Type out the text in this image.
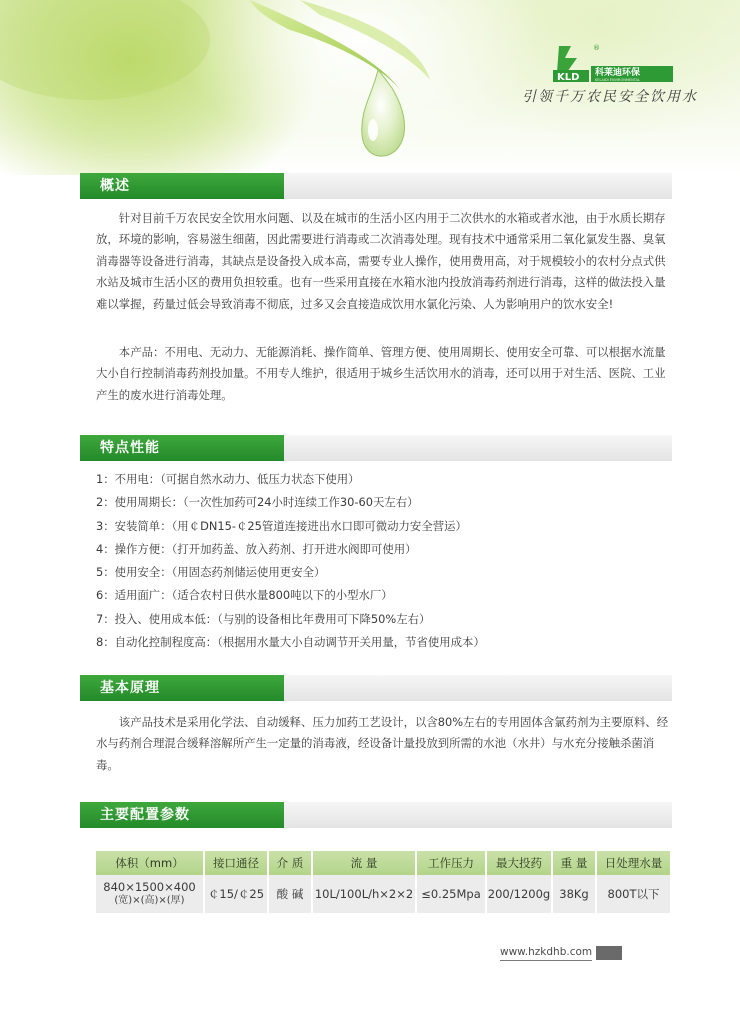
KLD
®
科莱迪环保
KELAIDI ENVIRONMENTAL
引领千万农民安全饮用水
概述

针对目前千万农民安全饮用水问题、以及在城市的生活小区内用于二次供水的水箱或者水池，由于水质长期存放，环境的影响，容易滋生细菌，因此需要进行消毒或二次消毒处理。现有技术中通常采用二氧化氯发生器、臭氧消毒器等设备进行消毒，其缺点是设备投入成本高，需要专业人操作，使用费用高，对于规模较小的农村分点式供水站及城市生活小区的费用负担较重。也有一些采用直接在水箱水池内投放消毒药剂进行消毒，这样的做法投入量难以掌握，药量过低会导致消毒不彻底，过多又会直接造成饮用水氯化污染、人为影响用户的饮水安全!

本产品：不用电、无动力、无能源消耗、操作简单、管理方便、使用周期长、使用安全可靠、可以根据水流量大小自行控制消毒药剂投加量。不用专人维护，很适用于城乡生活饮用水的消毒，还可以用于对生活、医院、工业产生的废水进行消毒处理。

特点性能
1：不用电：（可据自然水动力、低压力状态下使用）
2：使用周期长：（一次性加药可24小时连续工作30-60天左右）
3：安装简单：（用￠DN15-￠25管道连接进出水口即可微动力安全营运）
4：操作方便：（打开加药盖、放入药剂、打开进水阀即可使用）
5：使用安全：（用固态药剂储运使用更安全）
6：适用面广：（适合农村日供水量800吨以下的小型水厂）
7：投入、使用成本低：（与别的设备相比年费用可下降50%左右）
8：自动化控制程度高：（根据用水量大小自动调节开关用量，节省使用成本）
基本原理

该产品技术是采用化学法、自动缓释、压力加药工艺设计，以含80%左右的专用固体含氯药剂为主要原料、经水与药剂合理混合缓释溶解所产生一定量的消毒液，经设备计量投放到所需的水池（水井）与水充分接触杀菌消毒。

主要配置参数
体积（mm）	接口通径	介 质	流 量	工作压力	最大投药	重 量	日处理水量

840×1500×400
(宽)×(高)×(厚)	￠15/￠25	酸 碱	10L/100L/h×2×2	≤0.25Mpa	200/1200g	38Kg	800T以下
www.hzkdhb.com
